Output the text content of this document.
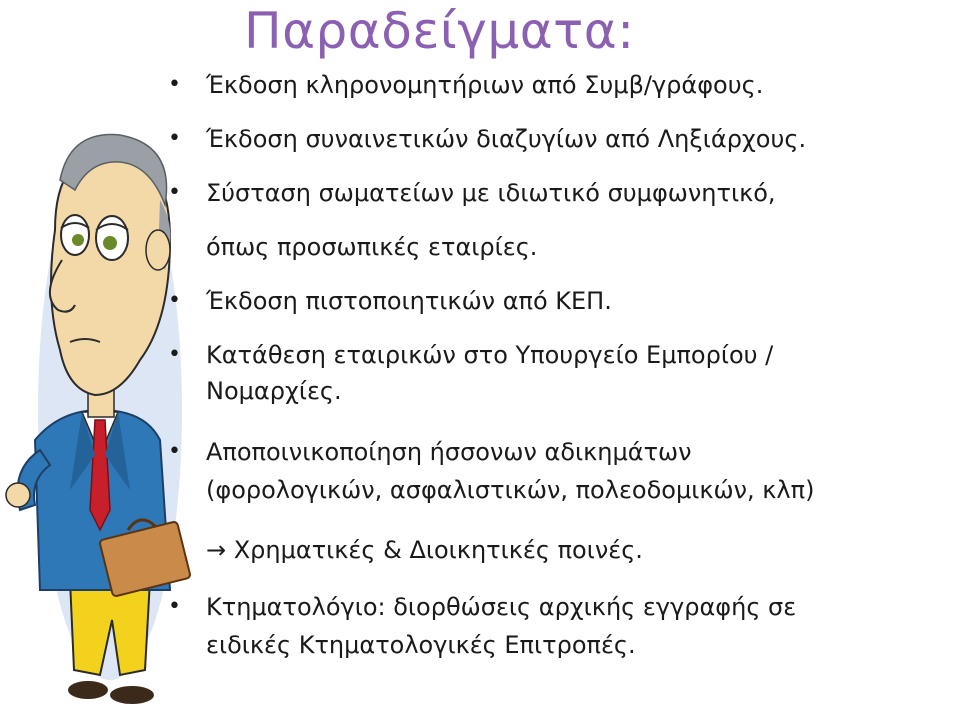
Παραδείγματα:
• Έκδοση κληρονομητήριων από Συμβ/γράφους.
• Έκδοση συναινετικών διαζυγίων από Ληξιάρχους.
• Σύσταση σωματείων με ιδιωτικό συμφωνητικό,
όπως προσωπικές εταιρίες.
• Έκδοση πιστοποιητικών από ΚΕΠ.
• Κατάθεση εταιρικών στο Υπουργείο Εμπορίου /
Νομαρχίες.
• Αποποινικοποίηση ήσσονων αδικημάτων
(φορολογικών, ασφαλιστικών, πολεοδομικών, κλπ)
→ Χρηματικές & Διοικητικές ποινές.
• Κτηματολόγιο: διορθώσεις αρχικής εγγραφής σε
ειδικές Κτηματολογικές Επιτροπές.
